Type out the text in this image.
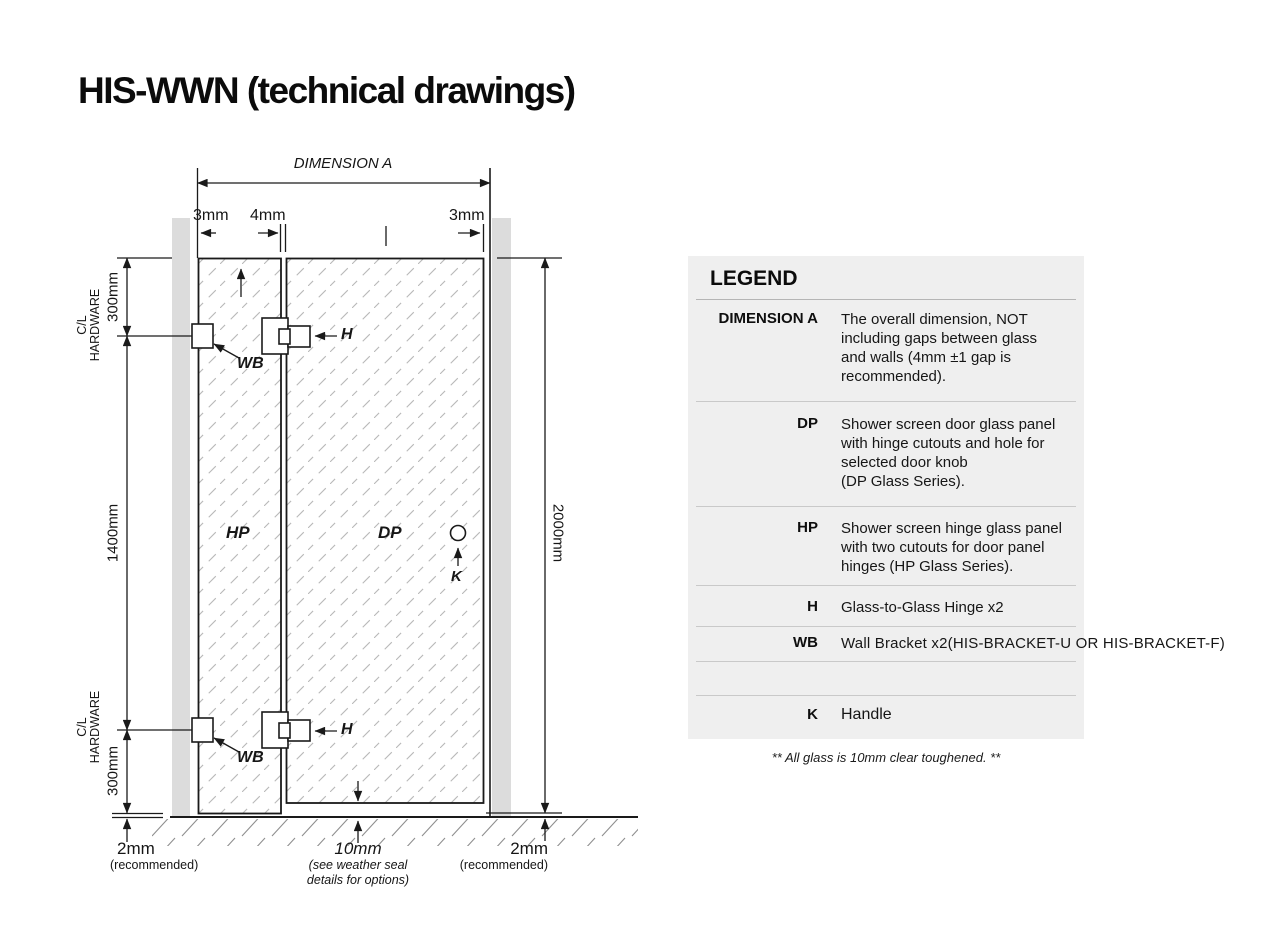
HIS-WWN (technical drawings)
DIMENSION A
3mm 4mm	3mm
300mm
C/L
HARDWARE
1400mm
C/L
HARDWARE
300mm
2000mm
HP	DP
H
H
WB
WB
K
2mm
(recommended)
10mm
(see weather seal
details for options)
2mm
(recommended)
LEGEND
DIMENSION A The overall dimension, NOT
including gaps between glass
and walls (4mm ±1 gap is
recommended).
DP Shower screen door glass panel
with hinge cutouts and hole for
selected door knob
(DP Glass Series).
HP Shower screen hinge glass panel
with two cutouts for door panel
hinges (HP Glass Series).
H Glass-to-Glass Hinge x2
WB Wall Bracket x2(HIS-BRACKET-U OR HIS-BRACKET-F)
K Handle
** All glass is 10mm clear toughened. **
